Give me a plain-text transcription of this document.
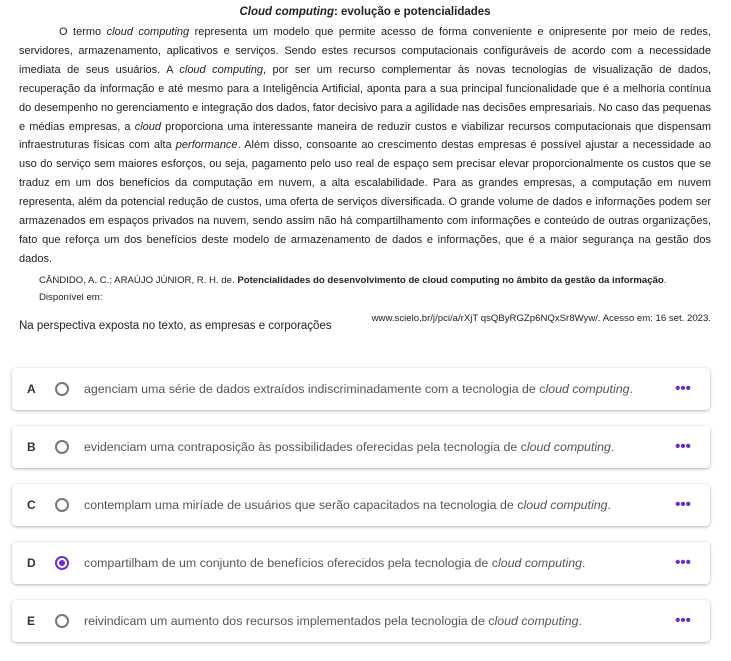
Cloud computing: evolução e potencialidades

O termo cloud computing representa um modelo que permite acesso de forma conveniente e onipresente por meio de redes, servidores, armazenamento, aplicativos e serviços. Sendo estes recursos computacionais configuráveis de acordo com a necessidade imediata de seus usuários. A cloud computing, por ser um recurso complementar às novas tecnologias de visualização de dados, recuperação da informação e até mesmo para a Inteligência Artificial, aponta para a sua principal funcionalidade que é a melhoria contínua do desempenho no gerenciamento e integração dos dados, fator decisivo para a agilidade nas decisões empresariais. No caso das pequenas e médias empresas, a cloud proporciona uma interessante maneira de reduzir custos e viabilizar recursos computacionais que dispensam infraestruturas físicas com alta performance. Além disso, consoante ao crescimento destas empresas é possível ajustar a necessidade ao uso do serviço sem maiores esforços, ou seja, pagamento pelo uso real de espaço sem precisar elevar proporcionalmente os custos que se traduz em um dos benefícios da computação em nuvem, a alta escalabilidade. Para as grandes empresas, a computação em nuvem representa, além da potencial redução de custos, uma oferta de serviços diversificada. O grande volume de dados e informações podem ser armazenados em espaços privados na nuvem, sendo assim não há compartilhamento com informações e conteúdo de outras organizações, fato que reforça um dos benefícios deste modelo de armazenamento de dados e informações, que é a maior segurança na gestão dos dados.

CÂNDIDO, A. C.; ARAÚJO JÚNIOR, R. H. de. Potencialidades do desenvolvimento de cloud computing no âmbito da gestão da informação. Disponível em:
www.scielo.br/j/pci/a/rXjT qsQByRGZp6NQxSr8Wyw/. Acesso em: 16 set. 2023.
Na perspectiva exposta no texto, as empresas e corporações
A	agenciam uma série de dados extraídos indiscriminadamente com a tecnologia de cloud computing.	•••
B	evidenciam uma contraposição às possibilidades oferecidas pela tecnologia de cloud computing.	•••
C	contemplam uma miríade de usuários que serão capacitados na tecnologia de cloud computing.	•••
D	compartilham de um conjunto de benefícios oferecidos pela tecnologia de cloud computing.	•••
E	reivindicam um aumento dos recursos implementados pela tecnologia de cloud computing.	•••
